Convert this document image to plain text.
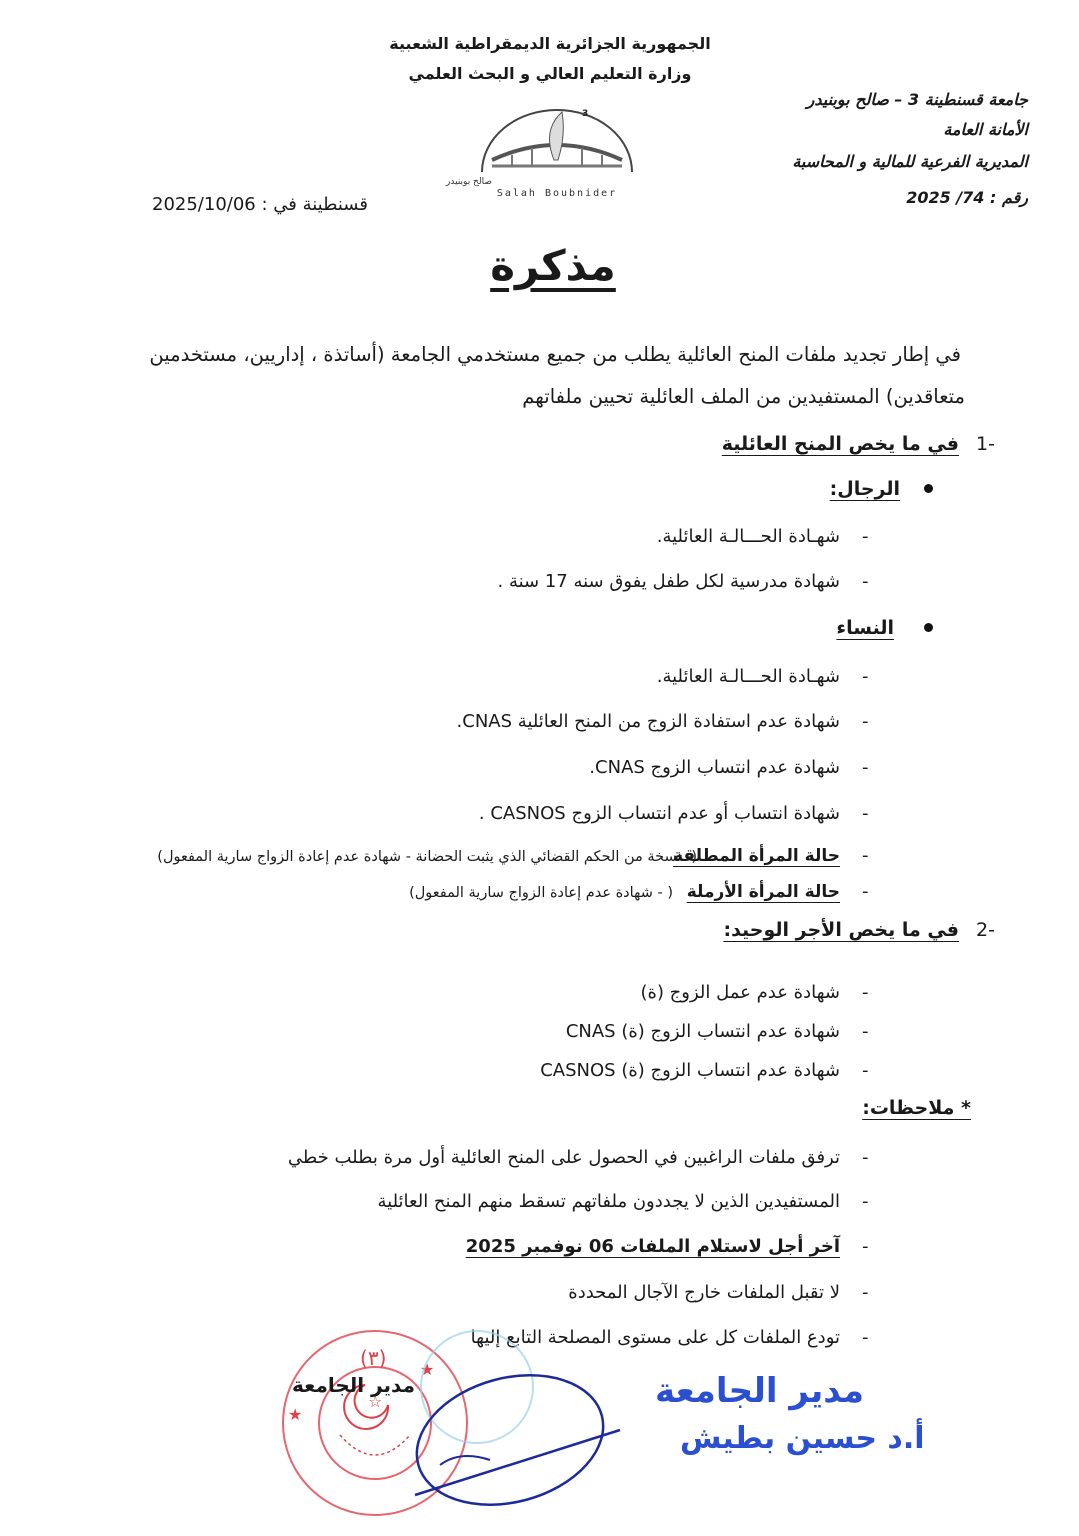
الجمهورية الجزائرية الديمقراطية الشعبية
وزارة التعليم العالي و البحث العلمي
جامعة قسنطينة 3 – صالح بوبنيدر
الأمانة العامة
المديرية الفرعية للمالية و المحاسبة
رقم : 74/ 2025
قسنطينة في : 2025/10/06
صالح بوبنيدر
Salah Boubnider
3
مذكرة
في إطار تجديد ملفات المنح العائلية يطلب من جميع مستخدمي الجامعة (أساتذة ، إداريين، مستخدمين
متعاقدين) المستفيدين من الملف العائلية تحيين ملفاتهم
-1
في ما يخص المنح العائلية
الرجال:
-
شهـادة الحـــالـة العائلية.
-
شهادة مدرسية لكل طفل يفوق سنه 17 سنة .
النساء
-
شهـادة الحـــالـة العائلية.
-
شهادة عدم استفادة الزوج من المنح العائلية CNAS.
-
شهادة عدم انتساب الزوج CNAS.
-
شهادة انتساب أو عدم انتساب الزوج CASNOS .
-
حالة المرأة المطلقة
(- نسخة من الحكم القضائي الذي يثبت الحضانة - شهادة عدم إعادة الزواج سارية المفعول)
-
حالة المرأة الأرملة
( - شهادة عدم إعادة الزواج سارية المفعول)
-2
في ما يخص الأجر الوحيد:
-
شهادة عدم عمل الزوج (ة)
-
شهادة عدم انتساب الزوج (ة) CNAS
-
شهادة عدم انتساب الزوج (ة) CASNOS
* ملاحظات:
-
ترفق ملفات الراغبين في الحصول على المنح العائلية أول مرة بطلب خطي
-
المستفيدين الذين لا يجددون ملفاتهم تسقط منهم المنح العائلية
-
آخر أجل لاستلام الملفات 06 نوفمبر 2025
-
لا تقبل الملفات خارج الآجال المحددة
-
تودع الملفات كل على مستوى المصلحة التابع إليها
☆
(٣) ★
★
مدير الجامعة	مدير الجامعة
أ.د حسين بطيش
